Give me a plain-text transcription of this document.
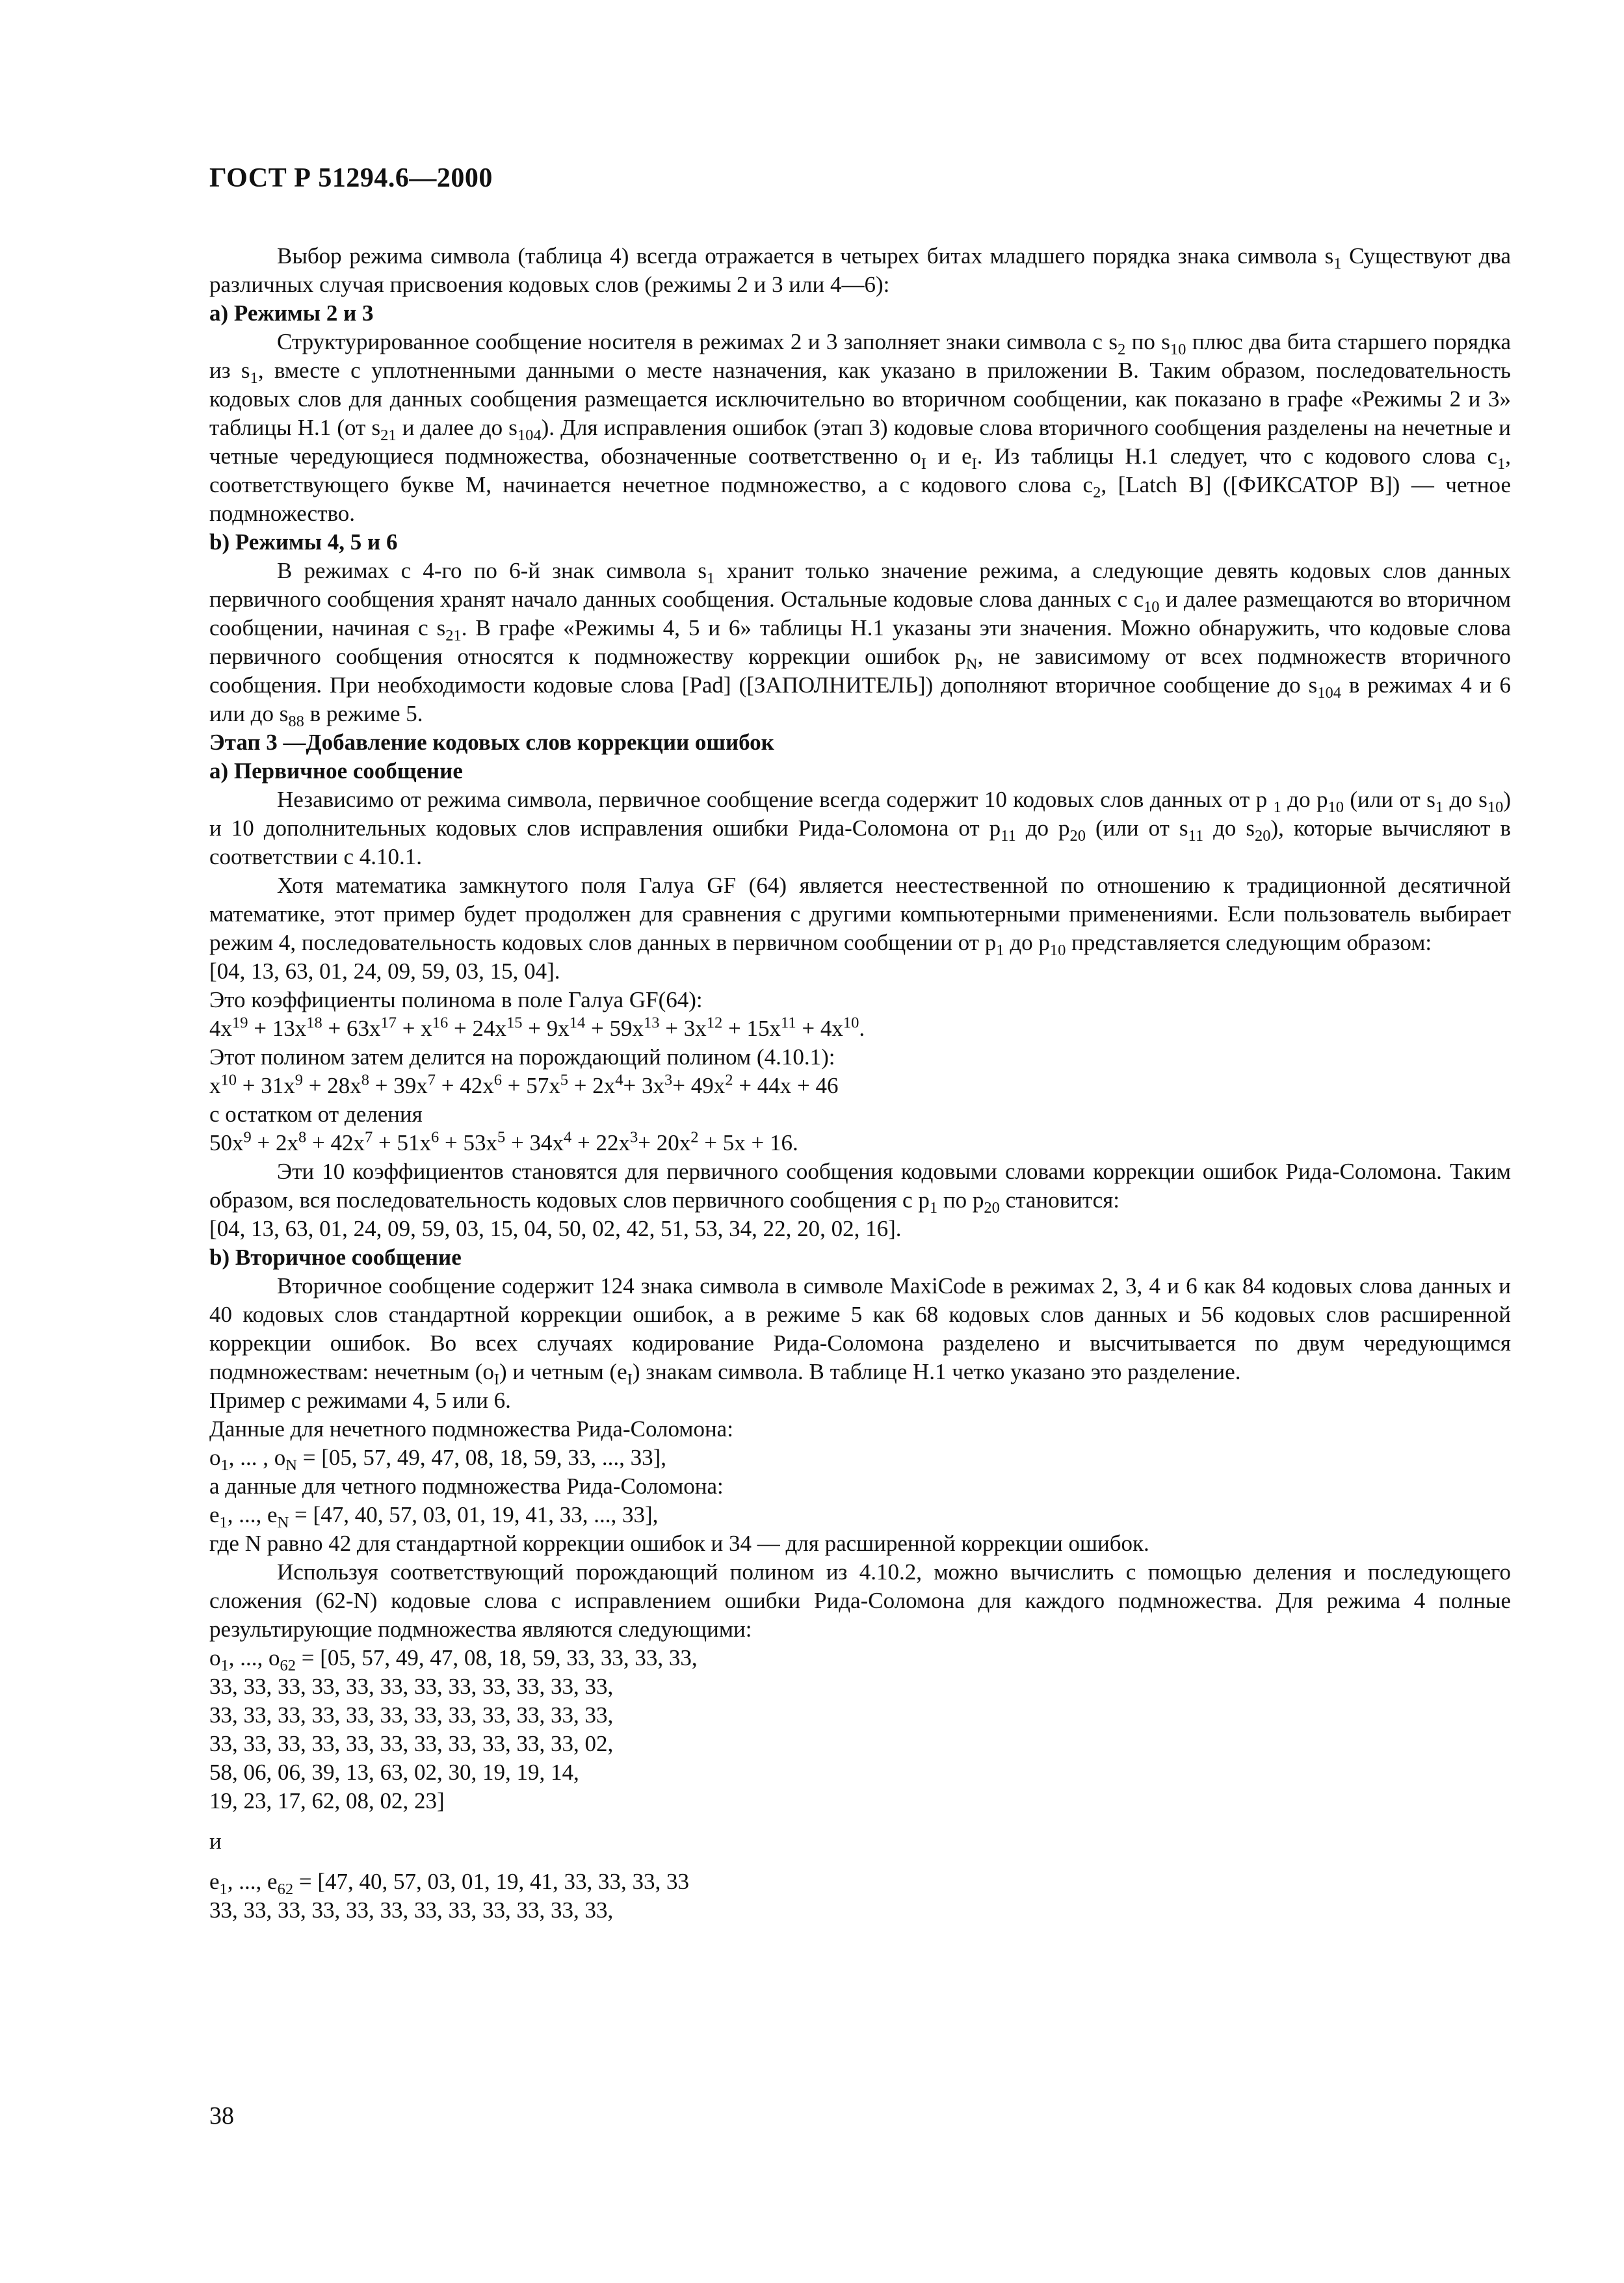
ГОСТ Р 51294.6—2000

Выбор режима символа (таблица 4) всегда отражается в четырех битах младшего порядка знака символа $s_1$ Существуют два различных случая присвоения кодовых слов (режимы 2 и 3 или 4—6):

а) Режимы 2 и 3

Структурированное сообщение носителя в режимах 2 и 3 заполняет знаки символа с $s_2$ по $s_{10}$ плюс два бита старшего порядка из $s_1$, вместе с уплотненными данными о месте назначения, как указано в приложении В. Таким образом, последовательность кодовых слов для данных сообщения размещается исключительно во вторичном сообщении, как показано в графе «Режимы 2 и 3» таблицы Н.1 (от $s_{21}$ и далее до $s_{104}$). Для исправления ошибок (этап 3) кодовые слова вторичного сообщения разделены на нечетные и четные чередующиеся подмножества, обозначенные соответственно $o_I$ и $e_I$. Из таблицы Н.1 следует, что с кодового слова $c_1$, соответствующего букве М, начинается нечетное подмножество, а с кодового слова $c_2$, [Latch B] ([ФИКСАТОР В]) — четное подмножество.

b) Режимы 4, 5 и 6

В режимах с 4-го по 6-й знак символа $s_1$ хранит только значение режима, а следующие девять кодовых слов данных первичного сообщения хранят начало данных сообщения. Остальные кодовые слова данных с $c_{10}$ и далее размещаются во вторичном сообщении, начиная с $s_{21}$. В графе «Режимы 4, 5 и 6» таблицы Н.1 указаны эти значения. Можно обнаружить, что кодовые слова первичного сообщения относятся к подмножеству коррекции ошибок $p_N$, не зависимому от всех подмножеств вторичного сообщения. При необходимости кодовые слова [Pad] ([ЗАПОЛНИТЕЛЬ]) дополняют вторичное сообщение до $s_{104}$ в режимах 4 и 6 или до $s_{88}$ в режиме 5.

Этап 3 —Добавление кодовых слов коррекции ошибок

а) Первичное сообщение

Независимо от режима символа, первичное сообщение всегда содержит 10 кодовых слов данных от p $_1$ до $p_{10}$ (или от $s_1$ до $s_{10}$) и 10 дополнительных кодовых слов исправления ошибки Рида-Соломона от $p_{11}$ до $p_{20}$ (или от $s_{11}$ до $s_{20}$), которые вычисляют в соответствии с 4.10.1.

Хотя математика замкнутого поля Галуа GF (64) является неестественной по отношению к традиционной десятичной математике, этот пример будет продолжен для сравнения с другими компьютерными применениями. Если пользователь выбирает режим 4, последовательность кодовых слов данных в первичном сообщении от $p_1$ до $p_{10}$ представляется следующим образом:

[04, 13, 63, 01, 24, 09, 59, 03, 15, 04].

Это коэффициенты полинома в поле Галуа GF(64):

$4x^{19} + 13x^{18} + 63x^{17} + x^{16} + 24x^{15} + 9x^{14} + 59x^{13} + 3x^{12} + 15x^{11} + 4x^{10}$.

Этот полином затем делится на порождающий полином (4.10.1):

$x^{10} + 31x^9 + 28x^8 + 39x^7 + 42x^6 + 57x^5 + 2x^4+ 3x^3+ 49x^2 + 44x + 46$

с остатком от деления

$50x^9 + 2x^8 + 42x^7 + 51x^6 + 53x^5 + 34x^4 + 22x^3+ 20x^2 + 5x + 16$.

Эти 10 коэффициентов становятся для первичного сообщения кодовыми словами коррекции ошибок Рида-Соломона. Таким образом, вся последовательность кодовых слов первичного сообщения с $p_1$ по $p_{20}$ становится:

[04, 13, 63, 01, 24, 09, 59, 03, 15, 04, 50, 02, 42, 51, 53, 34, 22, 20, 02, 16].

b) Вторичное сообщение

Вторичное сообщение содержит 124 знака символа в символе MaxiCode в режимах 2, 3, 4 и 6 как 84 кодовых слова данных и 40 кодовых слов стандартной коррекции ошибок, а в режиме 5 как 68 кодовых слов данных и 56 кодовых слов расширенной коррекции ошибок. Во всех случаях кодирование Рида-Соломона разделено и высчитывается по двум чередующимся подмножествам: нечетным $(o_I)$ и четным $(e_I)$ знакам символа. В таблице Н.1 четко указано это разделение.

Пример с режимами 4, 5 или 6.

Данные для нечетного подмножества Рида-Соломона:

$o_1$, ... , $o_N = [05$, 57, 49, 47, 08, 18, 59, 33, ..., 33],

а данные для четного подмножества Рида-Соломона:

$e_1$, ..., $e_N = [47$, 40, 57, 03, 01, 19, 41, 33, ..., 33],

где N равно 42 для стандартной коррекции ошибок и 34 — для расширенной коррекции ошибок.

Используя соответствующий порождающий полином из 4.10.2, можно вычислить с помощью деления и последующего сложения (62-N) кодовые слова с исправлением ошибки Рида-Соломона для каждого подмножества. Для режима 4 полные результирующие подмножества являются следующими:

$o_1$, ..., $o_{62} = [05$, 57, 49, 47, 08, 18, 59, 33, 33, 33, 33,

33, 33, 33, 33, 33, 33, 33, 33, 33, 33, 33, 33,

33, 33, 33, 33, 33, 33, 33, 33, 33, 33, 33, 33,

33, 33, 33, 33, 33, 33, 33, 33, 33, 33, 33, 02,

58, 06, 06, 39, 13, 63, 02, 30, 19, 19, 14,

19, 23, 17, 62, 08, 02, 23]

и

$e_1$, ..., $e_{62} = [47$, 40, 57, 03, 01, 19, 41, 33, 33, 33, 33

33, 33, 33, 33, 33, 33, 33, 33, 33, 33, 33, 33,

38
